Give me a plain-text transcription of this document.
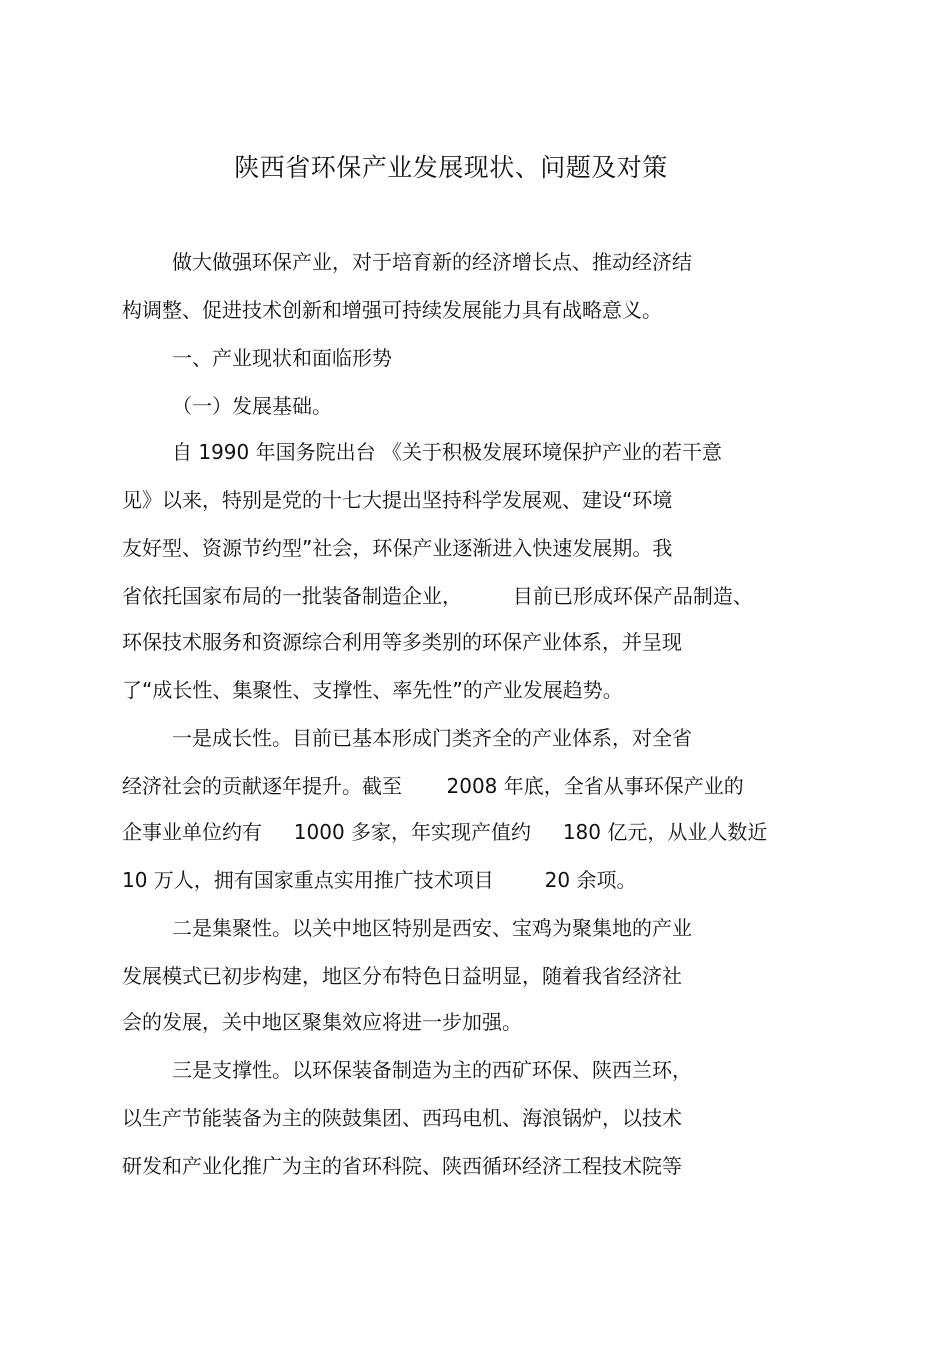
陕西省环保产业发展现状、问题及对策
做大做强环保产业，对于培育新的经济增长点、推动经济结
构调整、促进技术创新和增强可持续发展能力具有战略意义。
一、产业现状和面临形势
（一）发展基础。
自 1990 年国务院出台 《关于积极发展环境保护产业的若干意
见》以来，特别是党的十七大提出坚持科学发展观、建设“环境
友好型、资源节约型”社会，环保产业逐渐进入快速发展期。我
省依托国家布局的一批装备制造企业，        目前已形成环保产品制造、
环保技术服务和资源综合利用等多类别的环保产业体系，并呈现
了“成长性、集聚性、支撑性、率先性”的产业发展趋势。
一是成长性。目前已基本形成门类齐全的产业体系，对全省
经济社会的贡献逐年提升。截至       2008 年底，全省从事环保产业的
企事业单位约有     1000 多家，年实现产值约     180 亿元，从业人数近
10 万人，拥有国家重点实用推广技术项目        20 余项。
二是集聚性。以关中地区特别是西安、宝鸡为聚集地的产业
发展模式已初步构建，地区分布特色日益明显，随着我省经济社
会的发展，关中地区聚集效应将进一步加强。
三是支撑性。以环保装备制造为主的西矿环保、陕西兰环，
以生产节能装备为主的陕鼓集团、西玛电机、海浪锅炉，以技术
研发和产业化推广为主的省环科院、陕西循环经济工程技术院等
